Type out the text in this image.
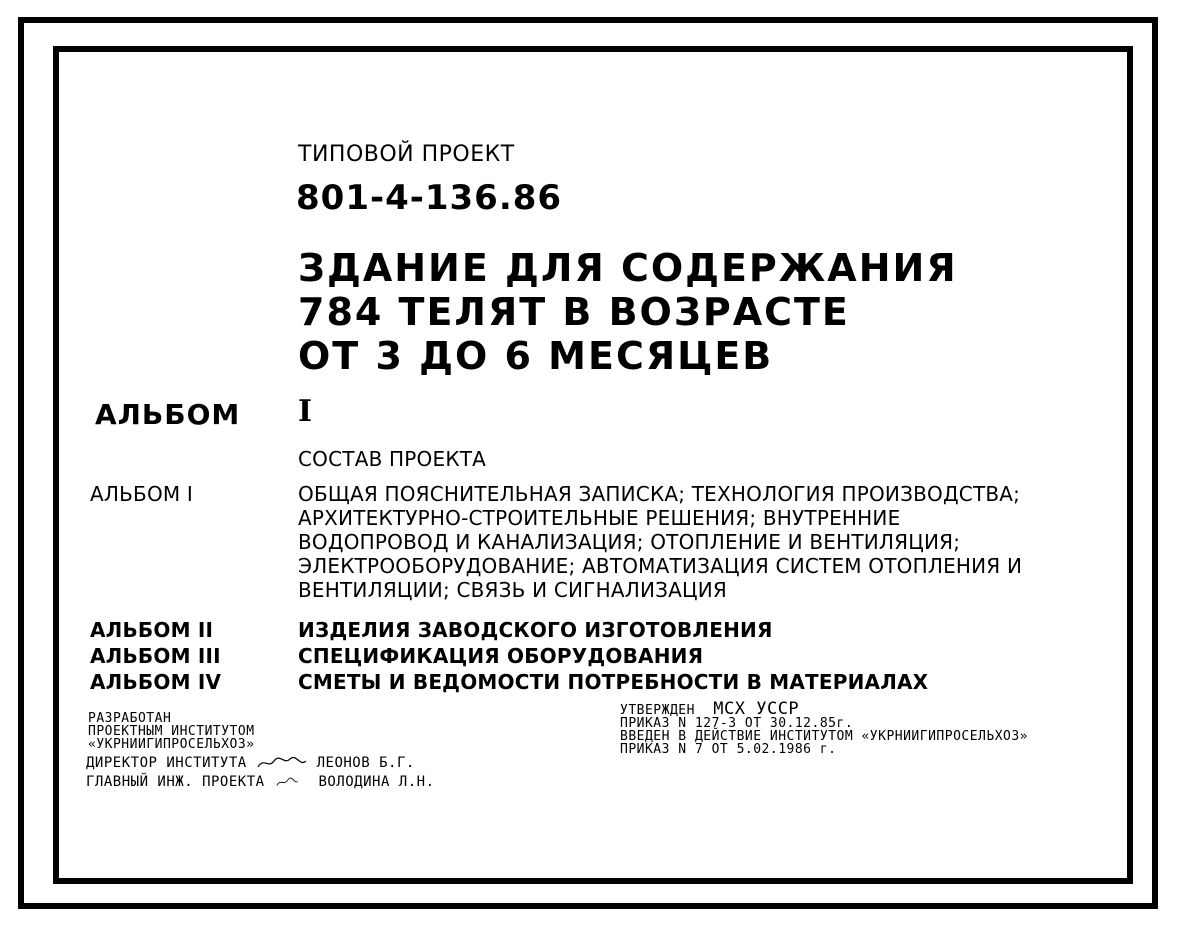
ТИПОВОЙ ПРОЕКТ
801-4-136.86
ЗДАНИЕ ДЛЯ СОДЕРЖАНИЯ
784 ТЕЛЯТ В ВОЗРАСТЕ
ОТ 3 ДО 6 МЕСЯЦЕВ
АЛЬБОМ I
СОСТАВ ПРОЕКТА
АЛЬБОМ I	ОБЩАЯ ПОЯСНИТЕЛЬНАЯ ЗАПИСКА; ТЕХНОЛОГИЯ ПРОИЗВОДСТВА;
АРХИТЕКТУРНО-СТРОИТЕЛЬНЫЕ РЕШЕНИЯ; ВНУТРЕННИЕ
ВОДОПРОВОД И КАНАЛИЗАЦИЯ; ОТОПЛЕНИЕ И ВЕНТИЛЯЦИЯ;
ЭЛЕКТРООБОРУДОВАНИЕ; АВТОМАТИЗАЦИЯ СИСТЕМ ОТОПЛЕНИЯ И
ВЕНТИЛЯЦИИ; СВЯЗЬ И СИГНАЛИЗАЦИЯ
АЛЬБОМ II	ИЗДЕЛИЯ ЗАВОДСКОГО ИЗГОТОВЛЕНИЯ
АЛЬБОМ III	СПЕЦИФИКАЦИЯ ОБОРУДОВАНИЯ
АЛЬБОМ IV	СМЕТЫ И ВЕДОМОСТИ ПОТРЕБНОСТИ В МАТЕРИАЛАХ
РАЗРАБОТАН
ПРОЕКТНЫМ ИНСТИТУТОМ
«УКРНИИГИПРОСЕЛЬХОЗ»
ДИРЕКТОР ИНСТИТУТА	ЛЕОНОВ Б.Г.
ГЛАВНЫЙ ИНЖ. ПРОЕКТА	ВОЛОДИНА Л.Н.
УТВЕРЖДЕН МСХ УССР
ПРИКАЗ N 127-3 ОТ 30.12.85г.
ВВЕДЕН В ДЕЙСТВИЕ ИНСТИТУТОМ «УКРНИИГИПРОСЕЛЬХОЗ»
ПРИКАЗ N 7 ОТ 5.02.1986 г.
